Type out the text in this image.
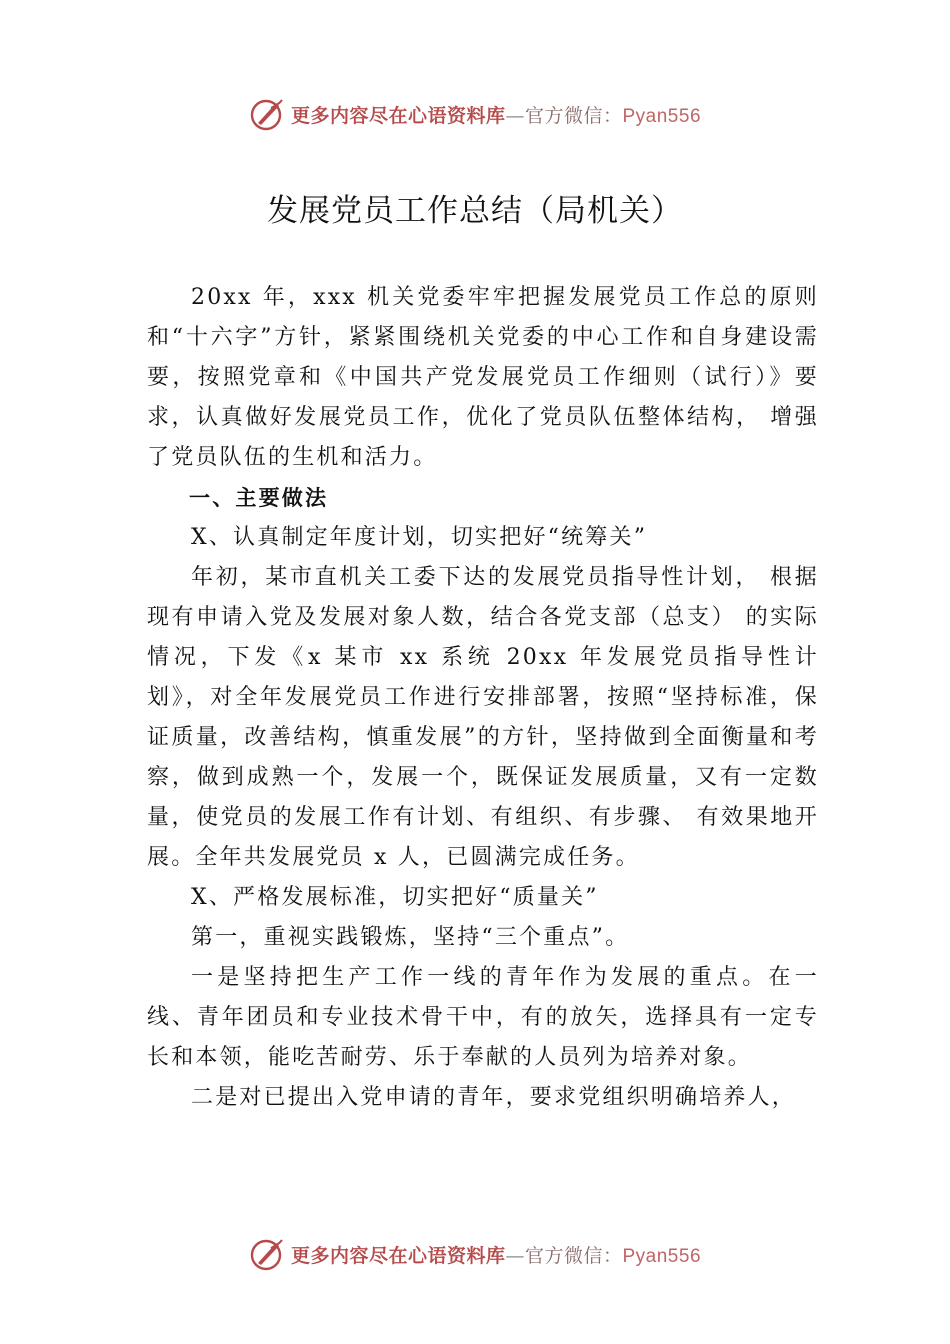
更多内容尽在心语资料库—官方微信：Pyan556
发展党员工作总结（局机关）

20xx 年，xxx 机关党委牢牢把握发展党员工作总的原则和“十六字”方针，紧紧围绕机关党委的中心工作和自身建设需要，按照党章和《中国共产党发展党员工作细则（试行）》要求，认真做好发展党员工作，优化了党员队伍整体结构， 增强了党员队伍的生机和活力。

一、主要做法

X、认真制定年度计划，切实把好“统筹关”

年初，某市直机关工委下达的发展党员指导性计划， 根据现有申请入党及发展对象人数，结合各党支部（总支） 的实际情况，下发《x 某市 xx 系统 20xx 年发展党员指导性计划》，对全年发展党员工作进行安排部署，按照“坚持标准，保证质量，改善结构，慎重发展”的方针，坚持做到全面衡量和考察，做到成熟一个，发展一个，既保证发展质量，又有一定数量，使党员的发展工作有计划、有组织、有步骤、 有效果地开展。全年共发展党员 x 人，已圆满完成任务。

X、严格发展标准，切实把好“质量关”

第一，重视实践锻炼，坚持“三个重点”。

一是坚持把生产工作一线的青年作为发展的重点。在一线、青年团员和专业技术骨干中，有的放矢，选择具有一定专长和本领，能吃苦耐劳、乐于奉献的人员列为培养对象。

二是对已提出入党申请的青年，要求党组织明确培养人，

更多内容尽在心语资料库—官方微信：Pyan556
